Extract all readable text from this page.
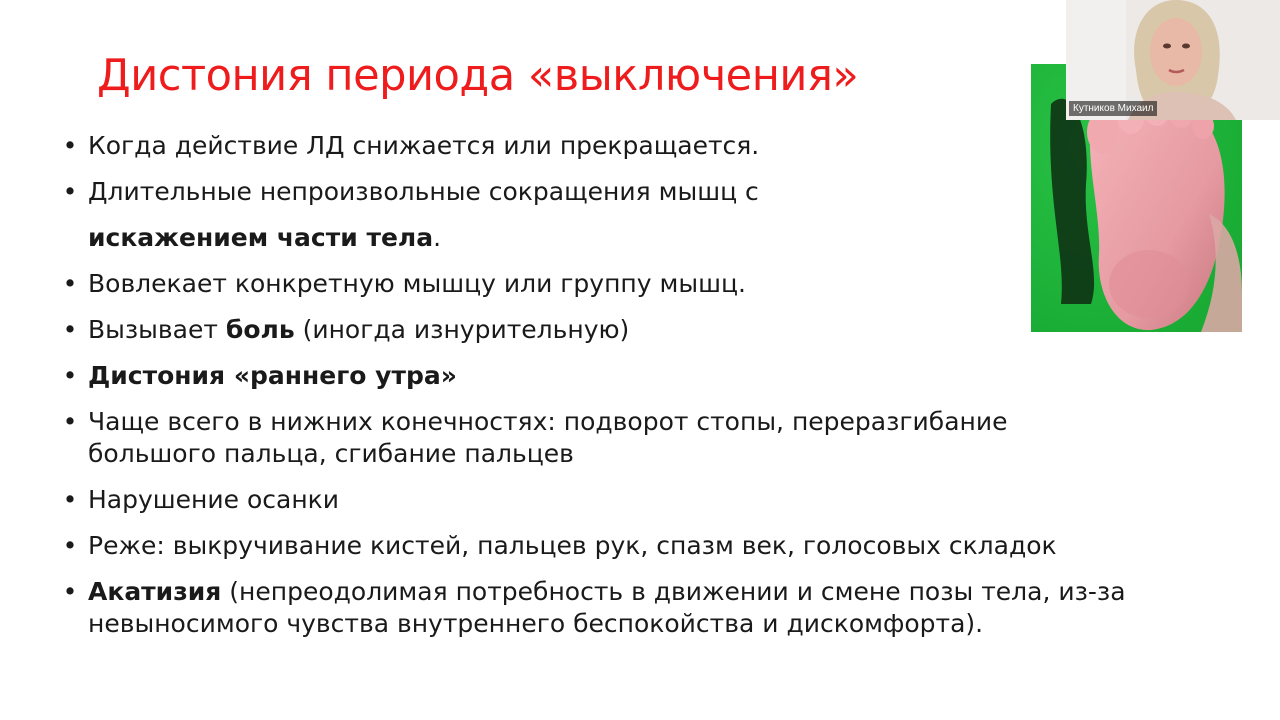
Дистония периода «выключения»
• Когда действие ЛД снижается или прекращается.
• Длительные непроизвольные сокращения мышц с
искажением части тела.
• Вовлекает конкретную мышцу или группу мышц.
• Вызывает боль (иногда изнурительную)
• Дистония «раннего утра»
• Чаще всего в нижних конечностях: подворот стопы, переразгибание большого пальца, сгибание пальцев
• Нарушение осанки
• Реже: выкручивание кистей, пальцев рук, спазм век, голосовых складок
• Акатизия (непреодолимая потребность в движении и смене позы тела, из-за невыносимого чувства внутреннего беспокойства и дискомфорта).
Кутников Михаил
